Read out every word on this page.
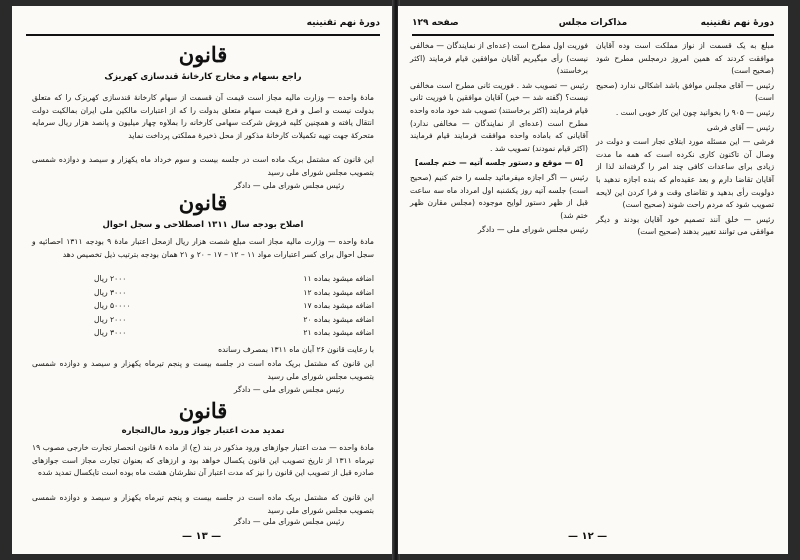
دورهٔ نهم تقنینیه
قانون
راجع بسهام و مخارج کارخانهٔ قندسازی کهریزک
مادهٔ واحده — وزارت مالیه مجاز است قیمت آن قسمت از سهام کارخانهٔ قندسازی کهریزک را که متعلق بدولت نیست و اصل و فرع قیمت سهام متعلق بدولت را که از اعتبارات مالکین ملی ایران بمالکیت دولت انتقال یافته و همچنین کلیه فروش شرکت سهامی کارخانه را بملاوه چهار میلیون و پانصد هزار ریال سرمایه متحرکهٔ جهت تهیه تکمیلات کارخانهٔ مذکور از محل ذخیرهٔ مملکتی پرداخت نماید
این قانون که مشتمل بریک ماده است در جلسه بیست و سوم خرداد ماه یکهزار و سیصد و دوازده شمسی بتصویب مجلس شورای ملی رسید
رئیس مجلس شورای ملی — دادگر
قانون
اصلاح بودجه سال ۱۳۱۱ اصطلاحی و سجل احوال
مادهٔ واحده — وزارت مالیه مجاز است مبلغ شصت هزار ریال ازمحل اعتبار مادهٔ ۹ بودجه ۱۳۱۱ احصائیه و سجل احوال برای کسر اعتبارات مواد ۱۱ – ۱۲ – ۱۷ – ۲۰ و ۲۱ همان بودجه بترتیب ذیل تخصیص دهد
اضافه میشود بماده ۱۱
۲۰۰۰ ریال
اضافه میشود بماده ۱۲
۳۰۰۰ ریال
اضافه میشود بماده ۱۷
۵۰۰۰۰ ریال
اضافه میشود بماده ۲۰
۲۰۰۰ ریال
اضافه میشود بماده ۲۱
۳۰۰۰ ریال
با رعایت قانون ۲۶ آبان ماه ۱۳۱۱ بمصرف رسانده
این قانون که مشتمل بریک ماده است در جلسه بیست و پنجم تیرماه یکهزار و سیصد و دوازده شمسی بتصویب مجلس شورای ملی رسید
رئیس مجلس شورای ملی — دادگر
قانون
تمدید مدت اعتبار جواز ورود مال‌التجاره
مادهٔ واحده — مدت اعتبار جوازهای ورود مذکور در بند (ج) از ماده ۸ قانون انحصار تجارت خارجی مصوب ۱۹ تیرماه ۱۳۱۱ از تاریخ تصویب این قانون یکسال خواهد بود و ارزهای که بعنوان تجارت مجاز است جوازهای صادره قبل از تصویب این قانون را نیز که مدت اعتبار آن نظرشان هشت ماه بوده است تایکسال تمدید شده
این قانون که مشتمل بریک ماده است در جلسه بیست و پنجم تیرماه یکهزار و سیصد و دوازده شمسی بتصویب مجلس شورای ملی رسید
رئیس مجلس شورای ملی — دادگر
— ۱۳ —
دورهٔ نهم تقنینیه
مذاکرات مجلس
صفحه ۱۲۹

مبلغ به یک قسمت از نواز مملکت است وده آقایان موافقت کردند که همین امروز درمجلس مطرح شود (صحیح است)

رئیس — آقای مجلس موافق باشد اشکالی ندارد (صحیح است)

رئیس — ۹۰۵ را بخوانید چون این کار خوبی است .

رئیس — آقای فرشی

فرشی — این مسئله مورد ابتلای تجار است و دولت در وصال آن تاکنون کاری نکرده است که همه ما مدت زیادی برای ساعدات کافی چند امر را گرفته‌اند لذا از آقایان تقاضا دارم و بعد عقیده‌ام که بنده اجازه ندهید با دولوبت رأی بدهید و تقاضای وقت و فرا کردن این لایحه تصویب شود که مردم راحت شوند (صحیح است)

رئیس — خلق آنند تصمیم خود آقایان بودند و دیگر موافقی می توانند تغییر بدهند (صحیح است)

فوریت اول مطرح است (عده‌ای از نمایندگان — مخالفی نیست) رأی میگیریم آقایان موافقین قیام فرمایند (اکثر برخاستند)

رئیس — تصویب شد . فوریت ثانی مطرح است مخالفی نیست؟ (گفته شد — خیر) آقایان موافقین با فوریت ثانی قیام فرمایند (اکثر برخاستند) تصویب شد خود ماده واحده مطرح است (عده‌ای از نمایندگان — مخالفی ندارد) آقایانی که باماده واحده موافقت فرمایند قیام فرمایند (اکثر قیام نمودند) تصویب شد .

[۵ — موقع و دستور جلسه آتیه — ختم جلسه]

رئیس — اگر اجازه میفرمائید جلسه را ختم کنیم (صحیح است) جلسه آتیه روز یکشنبه اول امرداد ماه سه ساعت قبل از ظهر دستور لوایح موجوده (مجلس مقارن ظهر ختم شد)

رئیس مجلس شورای ملی — دادگر

— ۱۲ —
